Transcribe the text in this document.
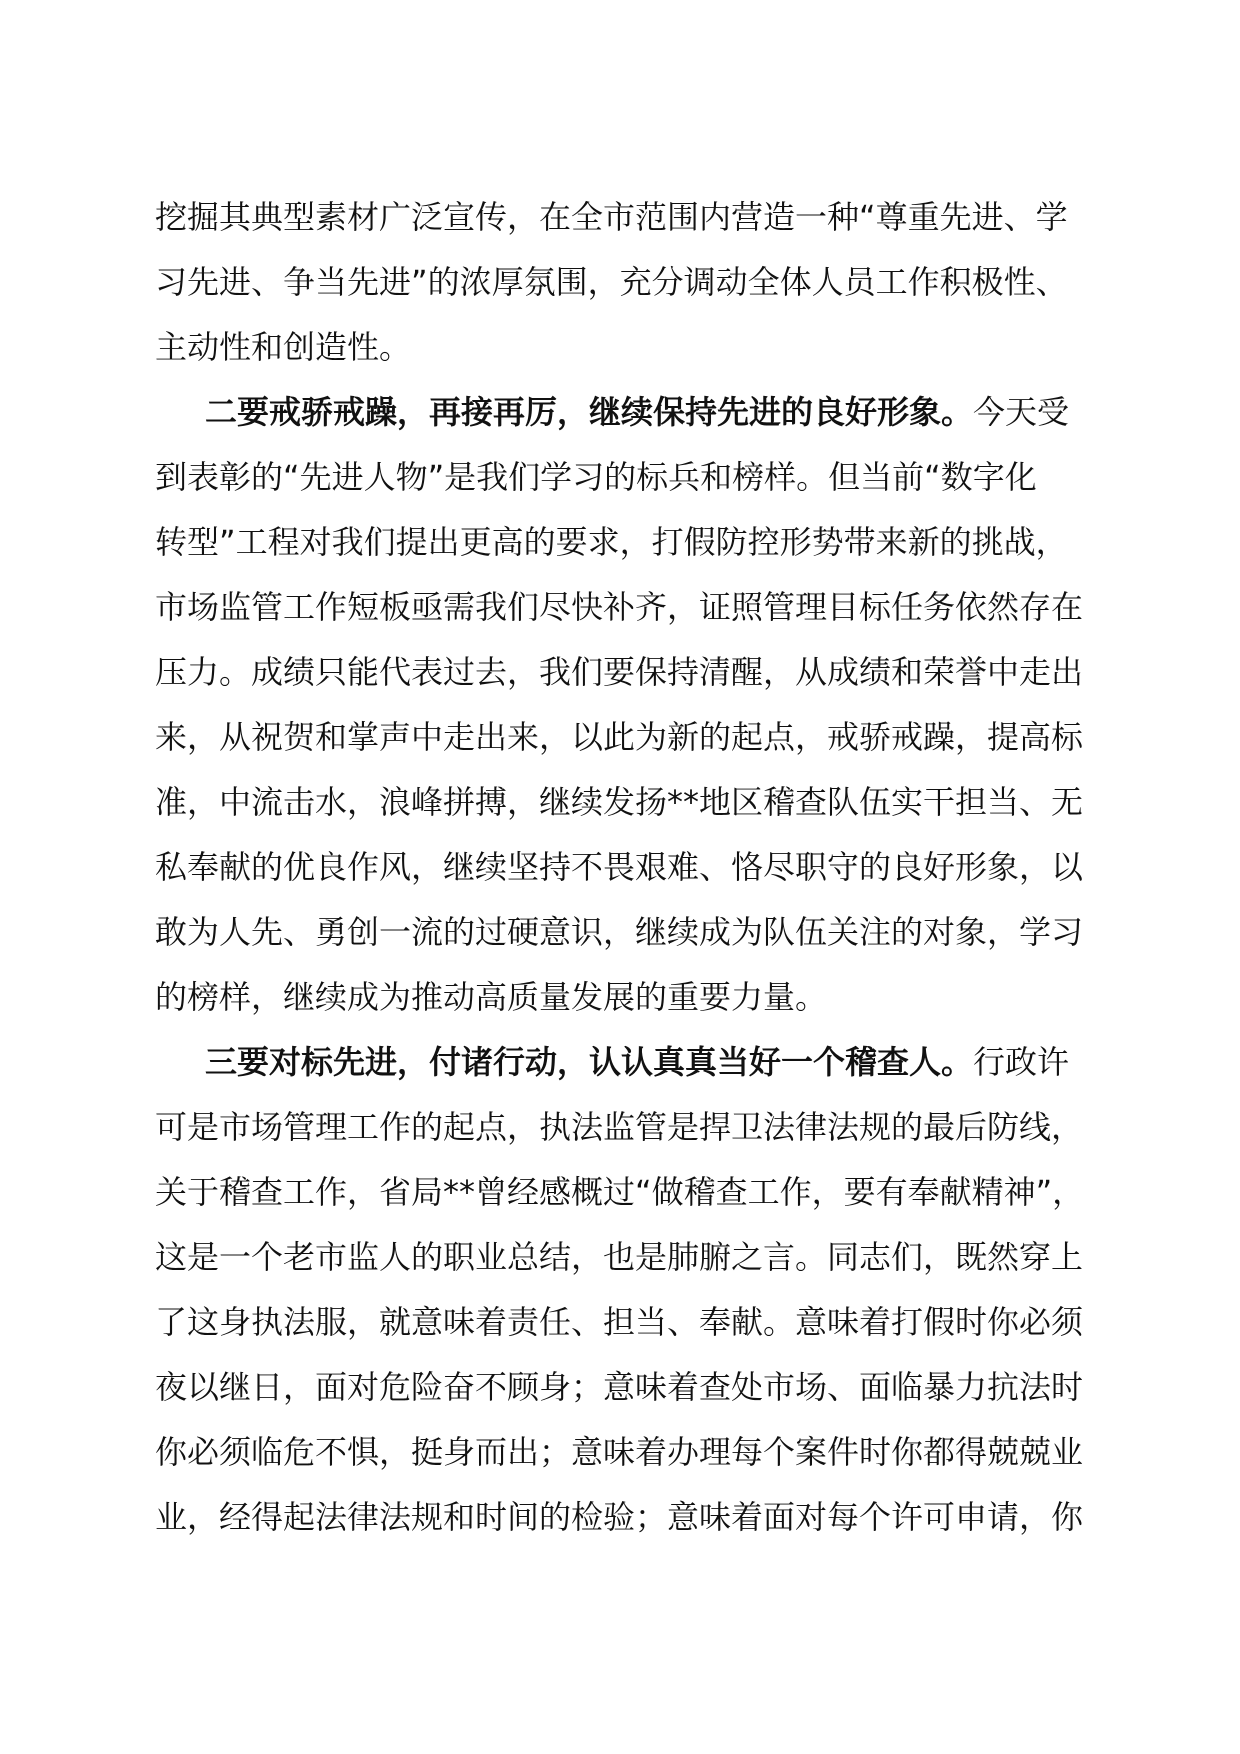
挖掘其典型素材广泛宣传，在全市范围内营造一种“尊重先进、学
习先进、争当先进”的浓厚氛围，充分调动全体人员工作积极性、
主动性和创造性。
二要戒骄戒躁，再接再厉，继续保持先进的良好形象。今天受
到表彰的“先进人物”是我们学习的标兵和榜样。但当前“数字化
转型”工程对我们提出更高的要求，打假防控形势带来新的挑战，
市场监管工作短板亟需我们尽快补齐，证照管理目标任务依然存在
压力。成绩只能代表过去，我们要保持清醒，从成绩和荣誉中走出
来，从祝贺和掌声中走出来，以此为新的起点，戒骄戒躁，提高标
准，中流击水，浪峰拼搏，继续发扬**地区稽查队伍实干担当、无
私奉献的优良作风，继续坚持不畏艰难、恪尽职守的良好形象，以
敢为人先、勇创一流的过硬意识，继续成为队伍关注的对象，学习
的榜样，继续成为推动高质量发展的重要力量。
三要对标先进，付诸行动，认认真真当好一个稽查人。行政许
可是市场管理工作的起点，执法监管是捍卫法律法规的最后防线，
关于稽查工作，省局**曾经感概过“做稽查工作，要有奉献精神”，
这是一个老市监人的职业总结，也是肺腑之言。同志们，既然穿上
了这身执法服，就意味着责任、担当、奉献。意味着打假时你必须
夜以继日，面对危险奋不顾身；意味着查处市场、面临暴力抗法时
你必须临危不惧，挺身而出；意味着办理每个案件时你都得兢兢业
业，经得起法律法规和时间的检验；意味着面对每个许可申请，你
